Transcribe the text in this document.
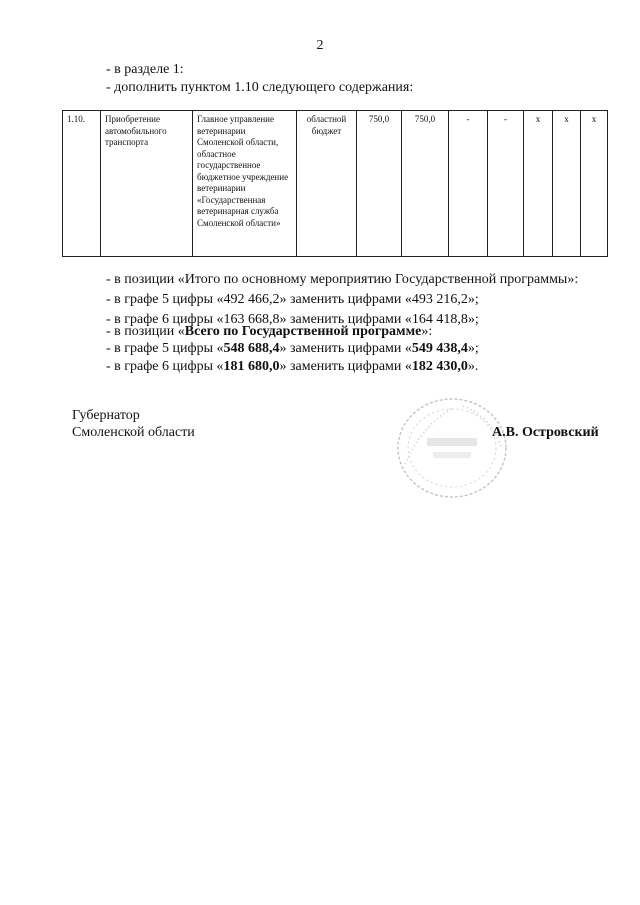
2
- в разделе 1:
- дополнить пунктом 1.10 следующего содержания:
1.10.	Приобретение автомобильного транспорта	Главное управление ветеринарии Смоленской области, областное государственное бюджетное учреждение ветеринарии «Государственная ветеринарная служба Смоленской области»	областной бюджет	750,0	750,0	-	-	х	х	х
- в позиции «Итого по основному мероприятию Государственной программы»:
- в графе 5 цифры «492 466,2» заменить цифрами «493 216,2»;
- в графе 6 цифры «163 668,8» заменить цифрами «164 418,8»;
- в позиции «Всего по Государственной программе»:
- в графе 5 цифры «548 688,4» заменить цифрами «549 438,4»;
- в графе 6 цифры «181 680,0» заменить цифрами «182 430,0».
Губернатор
Смоленской области	А.В. Островский
